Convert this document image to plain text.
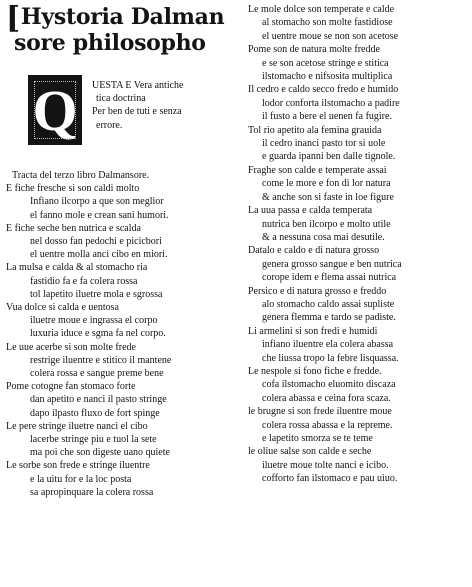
[ Hystoria Dalman
sore philosopho
Q	UESTA E Vera antiche
tica doctrina
Per ben de tuti e senza
errore.
Tracta del terzo libro Dalmansore.
E fiche fresche si son caldi molto
Infiano ilcorpo a que son meglior
el fanno mole e crean sani humori.
E fiche seche ben nutrica e scalda
nel dosso fan pedochi e picicbori
el uentre molla anci cibo en miori.
La mulsa e calda & al stomacho ria
fastidio fa e fa colera rossa
tol lapetito iluetre mola e sgrossa
Vua dolce si calda e uentosa
iluetre moue e ingrassa el corpo
luxuria iduce e sgma fa nel corpo.
Le uue acerbe si son molte frede
restrige iluentre e stitico il mantene
colera rossa e sangue preme bene
Pome cotogne fan stomaco forte
dan apetito e nanci il pasto stringe
dapo ilpasto fluxo de fort spinge
Le pere stringe iluetre nanci el cibo
lacerbe stringe piu e tuol la sete
ma poi che son digeste uano quiete
Le sorbe son frede e stringe iluentre
e la uitu for e la loc posta
sa apropinquare la colera rossa
Le mole dolce son temperate e calde
al stomacho son molte fastidiose
el uentre moue se non son acetose
Pome son de natura molte fredde
e se son acetose stringe e stitica
ilstomacho e nifsosita multiplica
Il cedro e caldo secco fredo e humido
lodor conforta ilstomacho a padire
il fusto a bere el uenen fa fugire.
Tol rio apetito ala femina grauida
il cedro inanci pasto tor si uole
e guarda ipanni ben dalle tignole.
Fraghe son calde e temperate assai
come le more e fon di lor natura
& anche son si faste in loe figure
La uua passa e calda temperata
nutrica ben ilcorpo e molto utile
& a nessuna cosa mai desutile.
Datalo e caldo e di natura grosso
genera grosso sangue e ben nutrica
corope idem e flema assai nutrica
Persico e di natura grosso e freddo
alo stomacho caldo assai supliste
genera flemma e tardo se padiste.
Li armelini si son fredi e humidi
infiano iluentre ela colera abassa
che liussa tropo la febre lisquassa.
Le nespole si fono fiche e fredde.
cofa ilstomacho eluomito discaza
colera abassa e ceina fora scaza.
le brugne si son frede iluentre moue
colera rossa abassa e la repreme.
e lapetito smorza se te teme
le oliue salse son calde e seche
iluetre moue tolte nanci e icibo.
cofforto fan ilstomaco e pau uiuo.
